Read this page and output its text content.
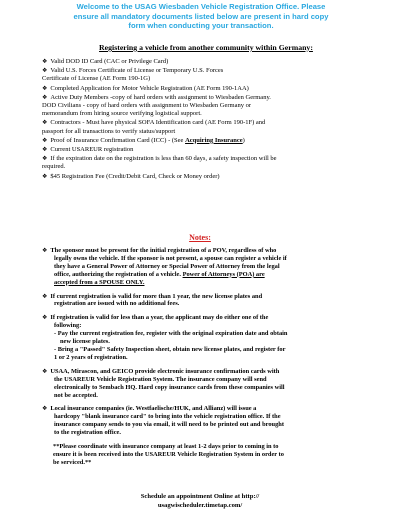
Welcome to the USAG Wiesbaden Vehicle Registration Office. Please
ensure all mandatory documents listed below are present in hard copy
form when conducting your transaction.
Registering a vehicle from another community within Germany:
❖ Valid DOD ID Card (CAC or Privilege Card)
❖ Valid U.S. Forces Certificate of License or Temporary U.S. Forces
Certificate of License (AE Form 190-1G)
❖ Completed Application for Motor Vehicle Registration (AE Form 190-1AA)
❖ Active Duty Members -copy of hard orders with assignment to Wiesbaden Germany.
DOD Civilians - copy of hard orders with assignment to Wiesbaden Germany or
memorandum from hiring source verifying logistical support.
❖ Contractors - Must have physical SOFA Identification card (AE Form 190-1F) and
passport for all transactions to verify status/support
❖ Proof of Insurance Confirmation Card (ICC) - (See Acquiring Insurance)
❖ Current USAREUR registration
❖ If the expiration date on the registration is less than 60 days, a safety inspection will be
required.
❖ $45 Registration Fee (Credit/Debit Card, Check or Money order)
Notes:
❖ The sponsor must be present for the initial registration of a POV, regardless of who
legally owns the vehicle. If the sponsor is not present, a spouse can register a vehicle if
they have a General Power of Attorney or Special Power of Attorney from the legal
office, authorizing the registration of a vehicle. Power of Attorneys (POA) are
accepted from a SPOUSE ONLY.
❖ If current registration is valid for more than 1 year, the new license plates and
registration are issued with no additional fees.
❖ If registration is valid for less than a year, the applicant may do either one of the
following:
- Pay the current registration fee, register with the original expiration date and obtain
new license plates.
- Bring a "Passed" Safety Inspection sheet, obtain new license plates, and register for
1 or 2 years of registration.
❖ USAA, Mirascon, and GEICO provide electronic insurance confirmation cards with
the USAREUR Vehicle Registration System. The insurance company will send
electronically to Sembach HQ. Hard copy insurance cards from these companies will
not be accepted.
❖ Local insurance companies (ie. Westfaelische/HUK, and Allianz) will issue a
hardcopy "blank insurance card" to bring into the vehicle registration office. If the
insurance company sends to you via email, it will need to be printed out and brought
to the registration office.
**Please coordinate with insurance company at least 1-2 days prior to coming in to
ensure it is been received into the USAREUR Vehicle Registration System in order to
be serviced.**
Schedule an appointment Online at http://
usagwischeduler.timetap.com/
